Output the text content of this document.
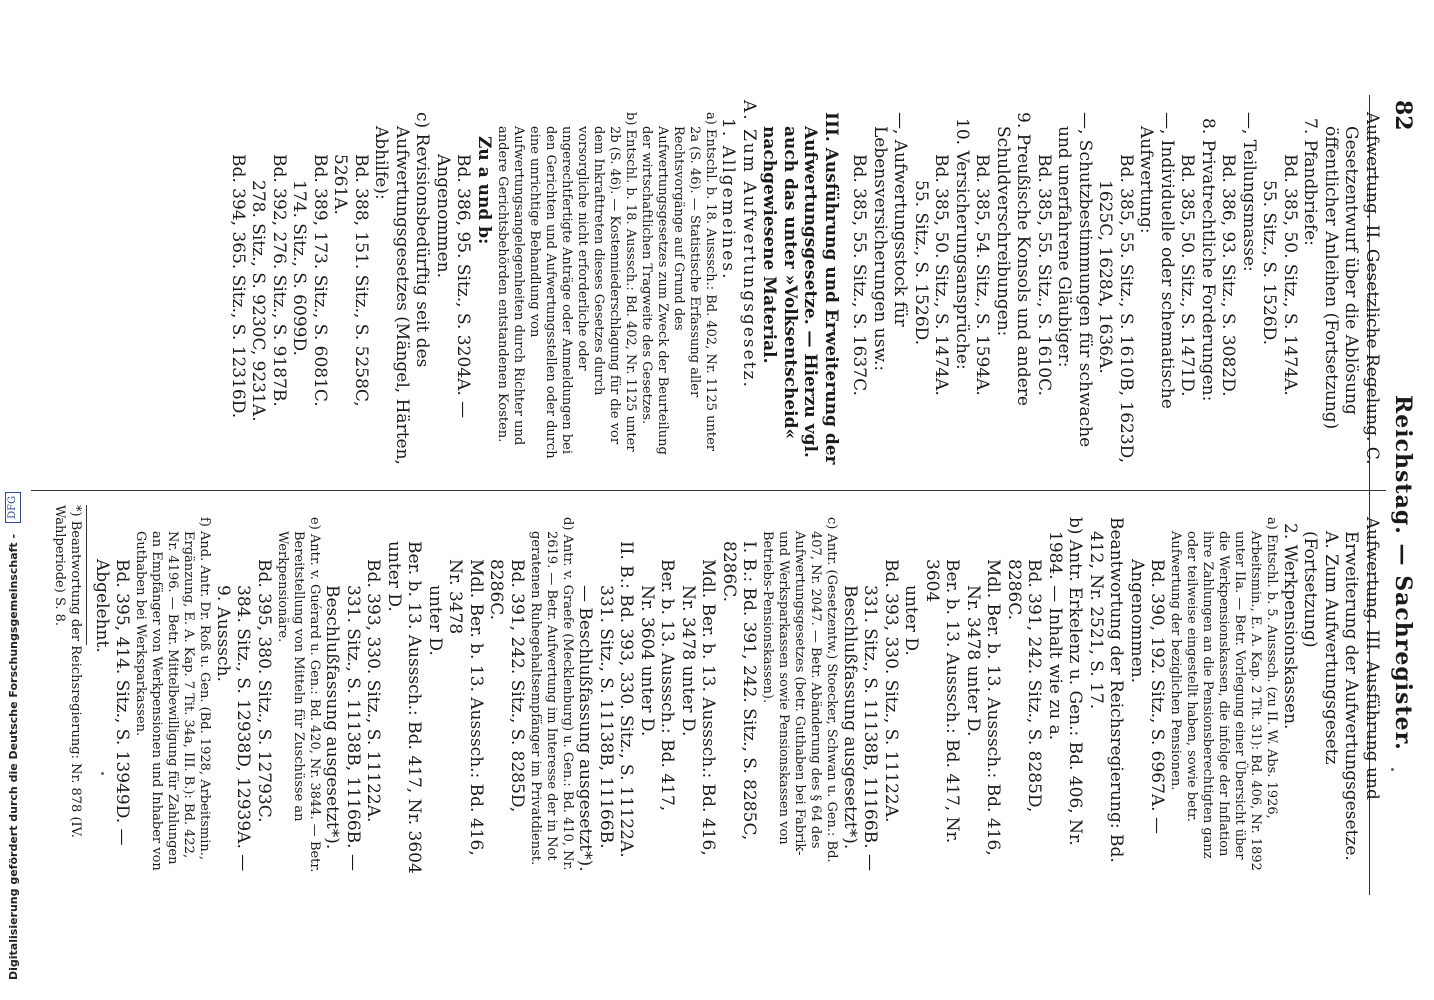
82
Reichstag. — Sachregister.

Aufwertung. II. Gesetzliche Regelung. C. Gesetzentwurf über die Ablösung öffentlicher Anleihen (Fortsetzung)

7. Pfandbriefe:

Bd. 385, 50. Sitz., S. 1474A.

55. Sitz., S. 1526D.

—, Teilungsmasse:

Bd. 386, 93. Sitz., S. 3082D.

8. Privatrechtliche Forderungen:

Bd. 385, 50. Sitz., S. 1471D.

—, Individuelle oder schematische Aufwertung:

Bd. 385, 55. Sitz., S. 1610B, 1623D,

1625C, 1628A, 1636A.

—, Schutzbestimmungen für schwache und unerfahrene Gläubiger:

Bd. 385, 55. Sitz., S. 1610C.

9. Preußische Konsols und andere Schuldverschreibungen:

Bd. 385, 54. Sitz., S. 1594A.

10. Versicherungsansprüche:

Bd. 385, 50. Sitz., S. 1474A.

55. Sitz., S. 1526D.

—, Aufwertungsstock für Lebensversicherungen usw.:

Bd. 385, 55. Sitz., S. 1637C.

III. Ausführung und Erweiterung der Aufwertungsgesetze. — Hierzu vgl. auch das unter »Volksentscheid« nachgewiesene Material.

A. Zum Aufwertungsgesetz.

1. Allgemeines.

a) Entschl. b. 18. Ausssch.: Bd. 402, Nr. 1125 unter 2a (S. 46). — Statistische Erfassung aller Rechtsvorgänge auf Grund des Aufwertungsgesetzes zum Zweck der Beurteilung der wirtschaftlichen Tragweite des Gesetzes.

b) Entschl. b. 18. Ausssch.: Bd. 402, Nr. 1125 unter 2b (S. 46). — Kostenniederschlagung für die vor dem Inkrafttreten dieses Gesetzes durch vorsorgliche nicht erforderliche oder ungerechtfertigte Anträge oder Anmeldungen bei den Gerichten und Aufwertungsstellen oder durch eine unrichtige Behandlung von Aufwertungsangelegenheiten durch Richter und andere Gerichtsbehörden entstandenen Kosten.

Zu a und b:

Bd. 386, 95. Sitz., S. 3204A. — Angenommen.

c) Revisionsbedürftig seit des Aufwertungsgesetzes (Mängel, Härten, Abhilfe):

Bd. 388, 151. Sitz., S. 5258C, 5261A.

Bd. 389, 173. Sitz., S. 6081C.

174. Sitz., S. 6099D.

Bd. 392, 276. Sitz., S. 9187B.

278. Sitz., S. 9230C, 9231A.

Bd. 394, 365. Sitz., S. 12316D.

Aufwertung. III. Ausführung und Erweiterung der Aufwertungsgesetze. A. Zum Aufwertungsgesetz (Fortsetzung)

2. Werkpensionskassen.

a) Entschl. b. 5. Ausssch. (zu II. W. Abs. 1926, Arbeitsmin., E. A. Kap. 2 Tit. 31): Bd. 406, Nr. 1892 unter IIa. — Betr. Vorlegung einer Übersicht über die Werkpensionskassen, die infolge der Inflation ihre Zahlungen an die Pensionsberechtigten ganz oder teilweise eingestellt haben, sowie betr. Aufwertung der beziglichen Pensionen.

Bd. 390, 192. Sitz., S. 6967A. — Angenommen.

Beantwortung der Reichsregierung: Bd. 412, Nr. 2521, S. 17.

b) Antr. Erkelenz u. Gen.: Bd. 406, Nr. 1984. — Inhalt wie zu a.

Bd. 391, 242. Sitz., S. 8285D, 8286C.

Mdl. Ber. b. 13. Ausssch.: Bd. 416,

Nr. 3478 unter D.

Ber. b. 13. Ausssch.: Bd. 417, Nr. 3604

unter D.

Bd. 393, 330. Sitz., S. 11122A.

331. Sitz., S. 11138B, 11166B. —

Beschlußfassung ausgesetzt*).

c) Antr. (Gesetzentw.) Stoecker, Schwan u. Gen.: Bd. 407, Nr. 2047. — Betr. Abänderung des § 64 des Aufwertungsgesetzes (betr. Guthaben bei Fabrik- und Werksparkassen sowie Pensionskassen von Betriebs-Pensionskassen).

I. B.: Bd. 391, 242. Sitz., S. 8285C, 8286C.

Mdl. Ber. b. 13. Ausssch.: Bd. 416,

Nr. 3478 unter D.

Ber. b. 13. Ausssch.: Bd. 417,

Nr. 3604 unter D.

II. B.: Bd. 393, 330. Sitz., S. 11122A.

331. Sitz., S. 11138B, 11166B.

— Beschlußfassung ausgesetzt*).

d) Antr. v. Graefe (Mecklenburg) u. Gen.: Bd. 410, Nr. 2619. — Betr. Aufwertung im Interesse der in Not geratenen Ruhegehaltsempfänger im Privatdienst.

Bd. 391, 242. Sitz., S. 8285D, 8286C.

Mdl. Ber. b. 13. Ausssch.: Bd. 416, Nr. 3478

unter D.

Ber. b. 13. Ausssch.: Bd. 417, Nr. 3604 unter D.

Bd. 393, 330. Sitz., S. 11122A.

331. Sitz., S. 11138B, 11166B. —

Beschlußfassung ausgesetzt*).

e) Antr. v. Guérard u. Gen.: Bd. 420, Nr. 3844. — Betr. Bereitstellung von Mitteln für Zuschüsse an Werkpensionäre.

Bd. 395, 380. Sitz., S. 12793C.

384. Sitz., S. 12938D, 12939A. —

9. Ausssch.

f) And. Antr. Dr. Roß u. Gen. (Bd. 1928, Arbeitsmin., Ergänzung, E. A. Kap. 7 Tit. 34a, III. B.): Bd. 422, Nr. 4196. — Betr. Mittelbewilligung für Zahlungen an Empfänger von Werkpensionen und Inhaber von Guthaben bei Werksparkassen.

Bd. 395, 414. Sitz., S. 13949D. — Abgelehnt.

*) Beantwortung der Reichsregierung: Nr. 878 (IV. Wahlperiode) S. 8.

Digitalisierung gefördert durch die Deutsche Forschungsgemeinschaft - DFG
